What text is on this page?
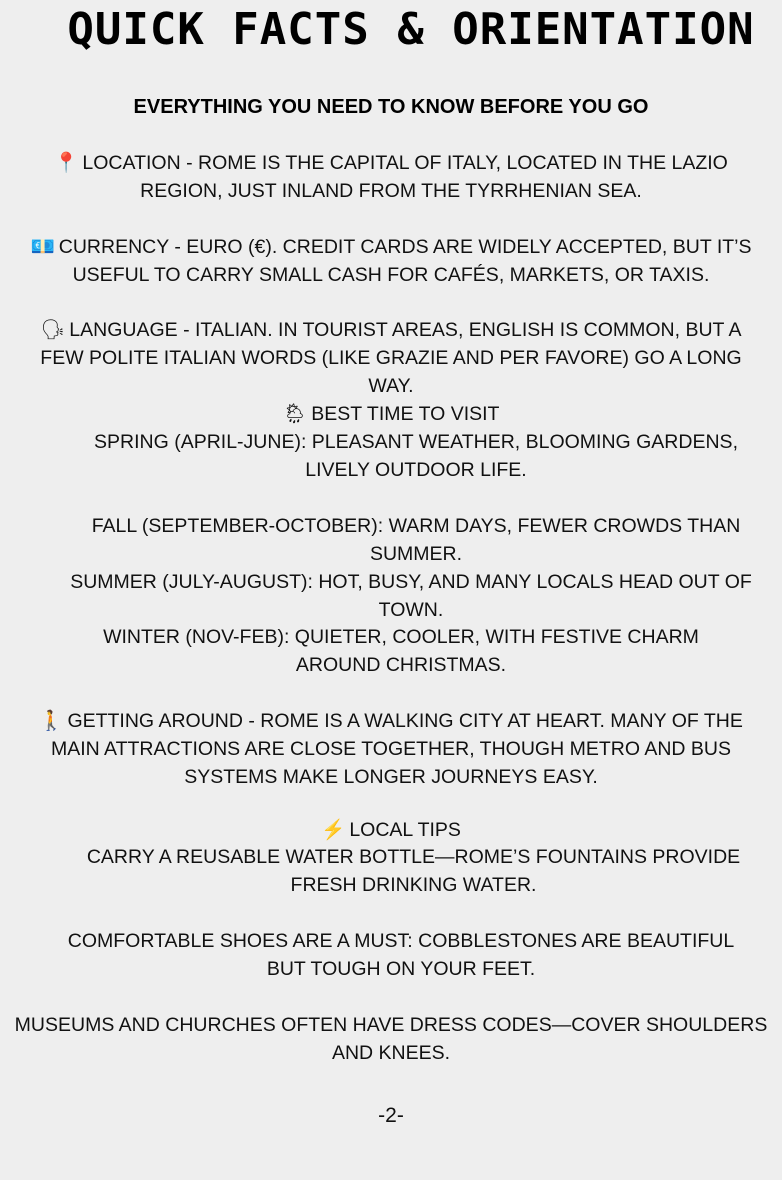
QUICK FACTS & ORIENTATION
EVERYTHING YOU NEED TO KNOW BEFORE YOU GO

📍 LOCATION - ROME IS THE CAPITAL OF ITALY, LOCATED IN THE LAZIO REGION, JUST INLAND FROM THE TYRRHENIAN SEA.

💶 CURRENCY - EURO (€). CREDIT CARDS ARE WIDELY ACCEPTED, BUT IT’S USEFUL TO CARRY SMALL CASH FOR CAFÉS, MARKETS, OR TAXIS.

🗣 LANGUAGE - ITALIAN. IN TOURIST AREAS, ENGLISH IS COMMON, BUT A FEW POLITE ITALIAN WORDS (LIKE GRAZIE AND PER FAVORE) GO A LONG WAY.

🌦 BEST TIME TO VISIT

SPRING (APRIL-JUNE): PLEASANT WEATHER, BLOOMING GARDENS, LIVELY OUTDOOR LIFE.

FALL (SEPTEMBER-OCTOBER): WARM DAYS, FEWER CROWDS THAN SUMMER.

SUMMER (JULY-AUGUST): HOT, BUSY, AND MANY LOCALS HEAD OUT OF TOWN.

WINTER (NOV-FEB): QUIETER, COOLER, WITH FESTIVE CHARM AROUND CHRISTMAS.

🚶 GETTING AROUND - ROME IS A WALKING CITY AT HEART. MANY OF THE MAIN ATTRACTIONS ARE CLOSE TOGETHER, THOUGH METRO AND BUS SYSTEMS MAKE LONGER JOURNEYS EASY.

⚡ LOCAL TIPS

CARRY A REUSABLE WATER BOTTLE—ROME’S FOUNTAINS PROVIDE FRESH DRINKING WATER.

COMFORTABLE SHOES ARE A MUST: COBBLESTONES ARE BEAUTIFUL BUT TOUGH ON YOUR FEET.

MUSEUMS AND CHURCHES OFTEN HAVE DRESS CODES—COVER SHOULDERS AND KNEES.

-2-
